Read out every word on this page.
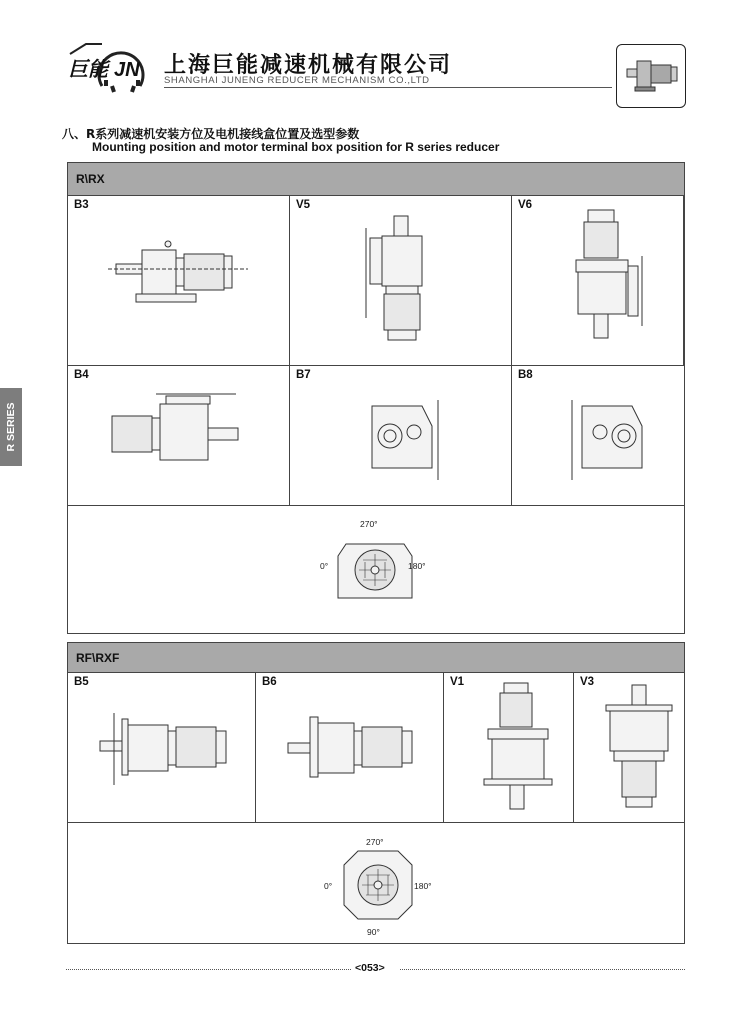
巨能 JN 上海巨能减速机械有限公司
SHANGHAI JUNENG REDUCER MECHANISM CO.,LTD
八、R系列减速机安装方位及电机接线盒位置及选型参数
Mounting position and motor terminal box position for R series reducer
R SERIES
R\RX
B3	V5	V6
B4	B7	B8
270°
0°	180°
RF\RXF
B5	B6	V1	V3
270°
0°	180°
90°
<053>
